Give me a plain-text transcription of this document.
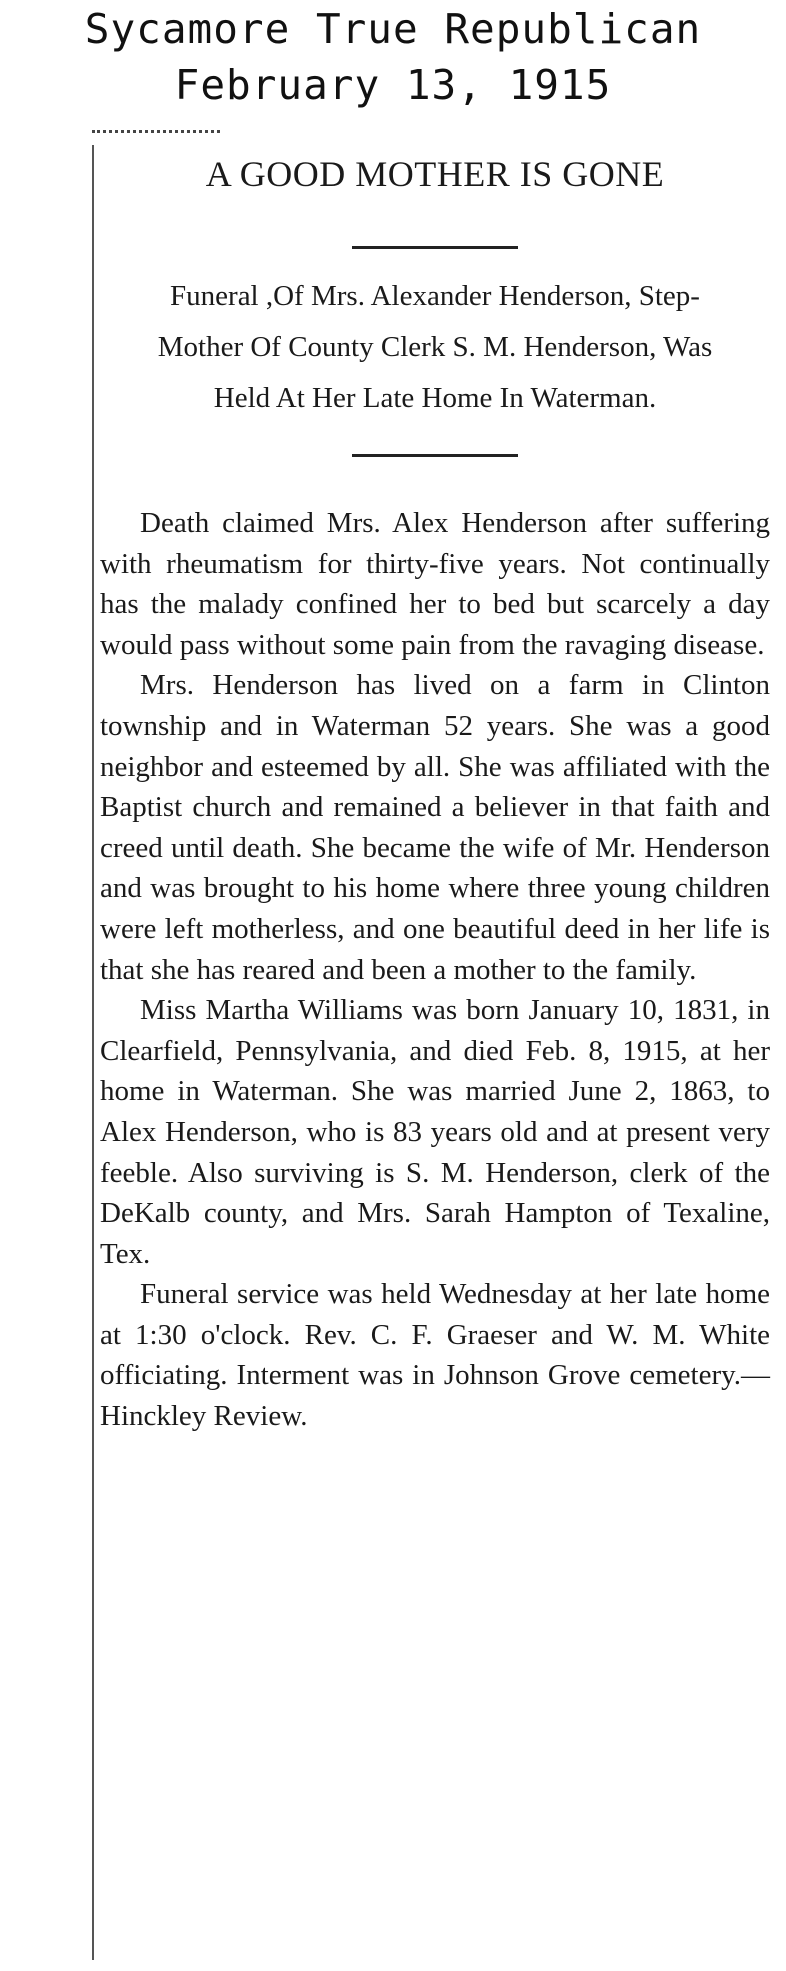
Sycamore True Republican
February 13, 1915
A GOOD MOTHER IS GONE

Funeral ,Of Mrs. Alexander Henderson, Step-Mother Of County Clerk S. M. Henderson, Was Held At Her Late Home In Waterman.

Death claimed Mrs. Alex Henderson after suffering with rheumatism for thirty-five years. Not continually has the malady confined her to bed but scarcely a day would pass without some pain from the ravaging disease.

Mrs. Henderson has lived on a farm in Clinton township and in Waterman 52 years. She was a good neighbor and esteemed by all. She was affiliated with the Baptist church and remained a believer in that faith and creed until death. She became the wife of Mr. Henderson and was brought to his home where three young children were left motherless, and one beautiful deed in her life is that she has reared and been a mother to the family.

Miss Martha Williams was born January 10, 1831, in Clearfield, Pennsylvania, and died Feb. 8, 1915, at her home in Waterman. She was married June 2, 1863, to Alex Henderson, who is 83 years old and at present very feeble. Also surviving is S. M. Henderson, clerk of the DeKalb county, and Mrs. Sarah Hampton of Texaline, Tex.

Funeral service was held Wednesday at her late home at 1:30 o'clock. Rev. C. F. Graeser and W. M. White officiating. Interment was in Johnson Grove cemetery.—Hinckley Review.
